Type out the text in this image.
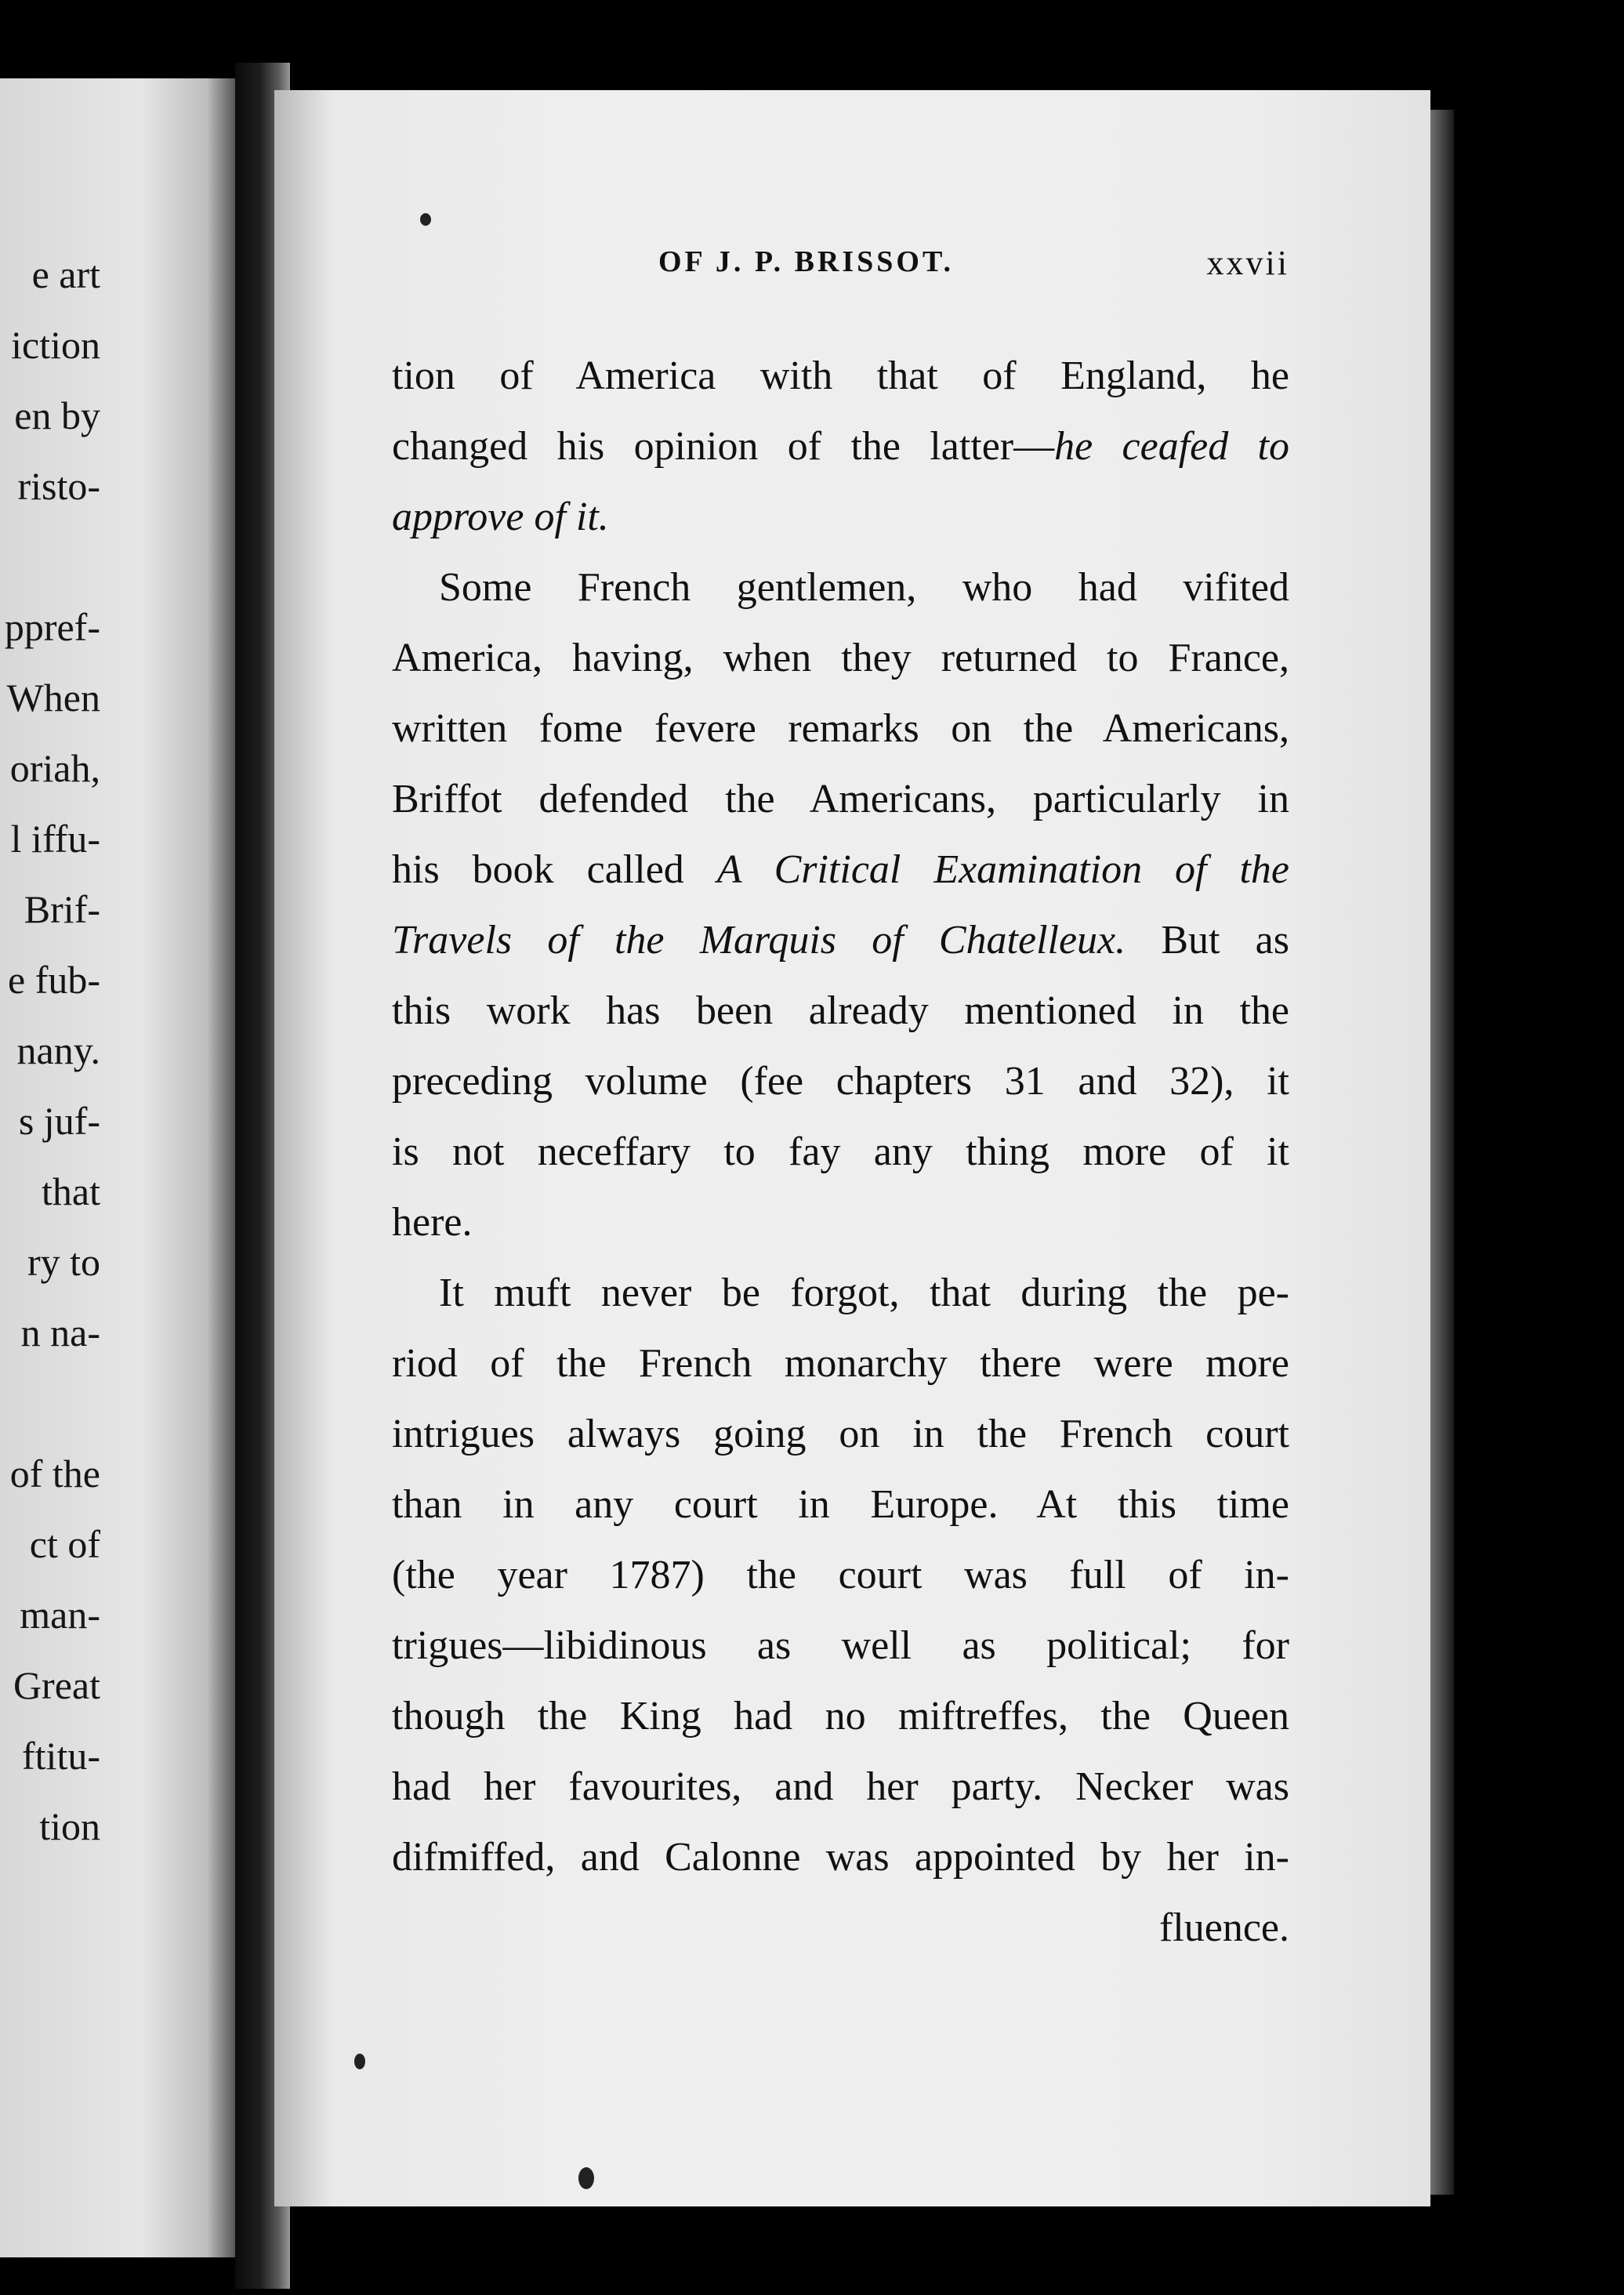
e art
iction
en by
risto-
ppref-
When
oriah,
l iffu-
Brif-
e fub-
nany.
s juf-
that
ry to
n na-
of the
ct of
man-
Great
ftitu-
tion
OF J. P. BRISSOT.	xxvii
tion of America with that of England, he
changed his opinion of the latter—he ceafed to
approve of it.
Some French gentlemen, who had vifited
America, having, when they returned to France,
written fome fevere remarks on the Americans,
Briffot defended the Americans, particularly in
his book called A Critical Examination of the
Travels of the Marquis of Chatelleux. But as
this work has been already mentioned in the
preceding volume (fee chapters 31 and 32), it
is not neceffary to fay any thing more of it
here.
It muft never be forgot, that during the pe-
riod of the French monarchy there were more
intrigues always going on in the French court
than in any court in Europe. At this time
(the year 1787) the court was full of in-
trigues—libidinous as well as political; for
though the King had no miftreffes, the Queen
had her favourites, and her party. Necker was
difmiffed, and Calonne was appointed by her in-
fluence.
